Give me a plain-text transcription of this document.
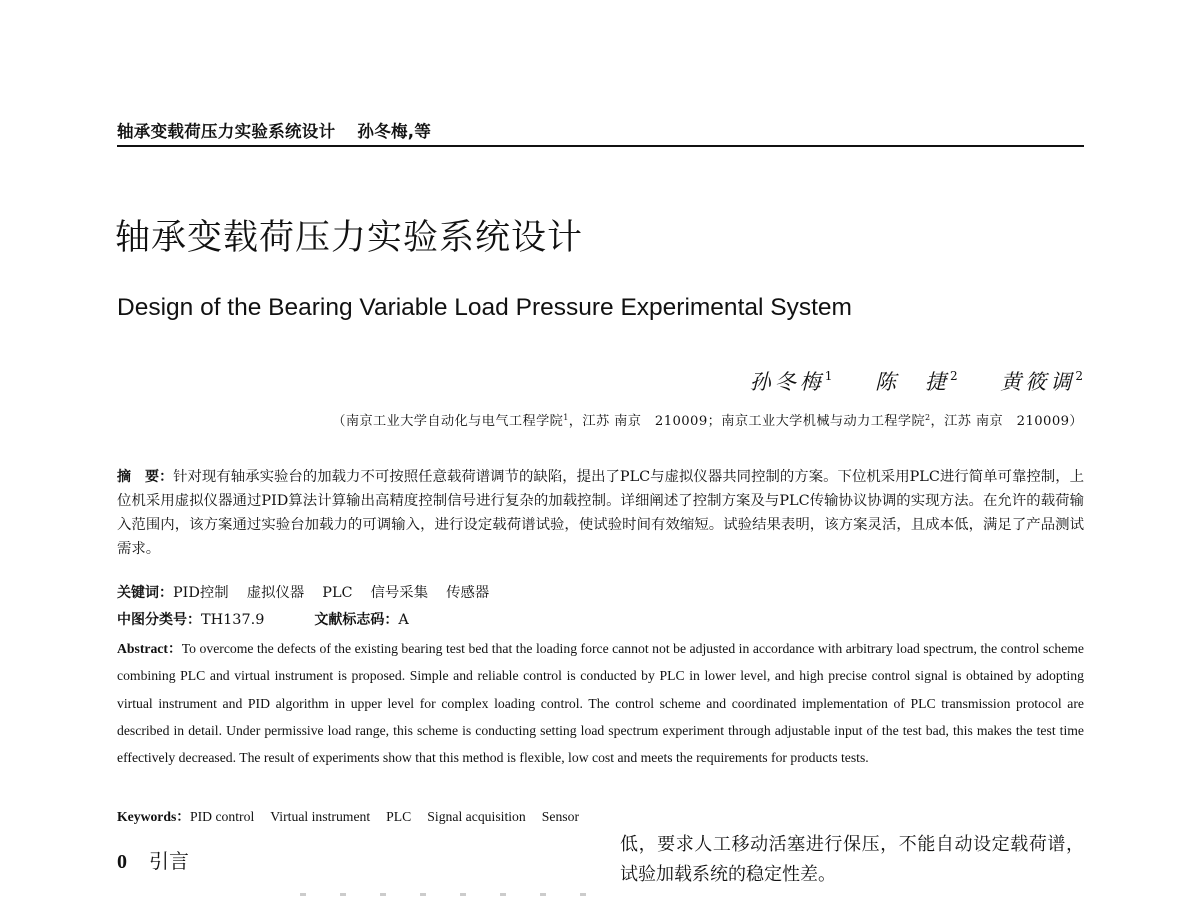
轴承变载荷压力实验系统设计 孙冬梅,等
轴承变载荷压力实验系统设计
Design of the Bearing Variable Load Pressure Experimental System
孙冬梅$^1$ 陈　捷$^2$ 黄筱调$^2$
（南京工业大学自动化与电气工程学院$^1$，江苏 南京　210009；南京工业大学机械与动力工程学院$^2$，江苏 南京　210009）
摘　要：针对现有轴承实验台的加载力不可按照任意载荷谱调节的缺陷，提出了PLC与虚拟仪器共同控制的方案。下位机采用PLC进行简单可靠控制，上位机采用虚拟仪器通过PID算法计算输出高精度控制信号进行复杂的加载控制。详细阐述了控制方案及与PLC传输协议协调的实现方法。在允许的载荷输入范围内，该方案通过实验台加载力的可调输入，进行设定载荷谱试验，使试验时间有效缩短。试验结果表明，该方案灵活，且成本低，满足了产品测试需求。
关键词：PID控制 虚拟仪器 PLC 信号采集 传感器
中图分类号：TH137.9	文献标志码：A
Abstract：To overcome the defects of the existing bearing test bed that the loading force cannot not be adjusted in accordance with arbitrary load spectrum, the control scheme combining PLC and virtual instrument is proposed. Simple and reliable control is conducted by PLC in lower level, and high precise control signal is obtained by adopting virtual instrument and PID algorithm in upper level for complex loading control. The control scheme and coordinated implementation of PLC transmission protocol are described in detail. Under permissive load range, this scheme is conducting setting load spectrum experiment through adjustable input of the test bad, this makes the test time effectively decreased. The result of experiments show that this method is flexible, low cost and meets the requirements for products tests.
Keywords：PID control Virtual instrument PLC Signal acquisition Sensor
0 引言
低，要求人工移动活塞进行保压，不能自动设定载荷谱，试验加载系统的稳定性差。
